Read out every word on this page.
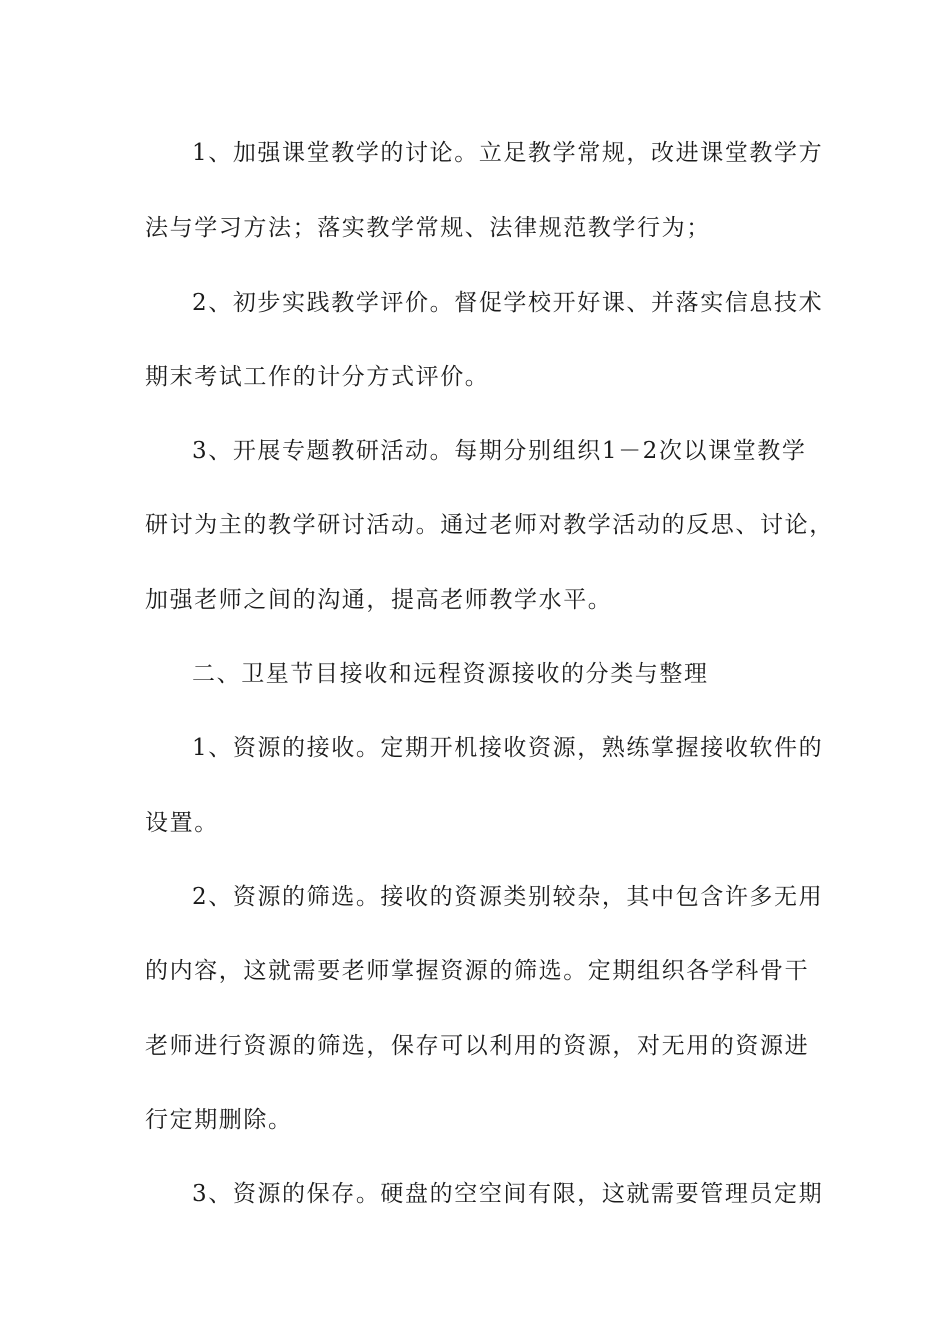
1、加强课堂教学的讨论。立足教学常规，改进课堂教学方
法与学习方法；落实教学常规、法律规范教学行为；
2、初步实践教学评价。督促学校开好课、并落实信息技术
期末考试工作的计分方式评价。
3、开展专题教研活动。每期分别组织1－2次以课堂教学
研讨为主的教学研讨活动。通过老师对教学活动的反思、讨论，
加强老师之间的沟通，提高老师教学水平。
二、卫星节目接收和远程资源接收的分类与整理
1、资源的接收。定期开机接收资源，熟练掌握接收软件的
设置。
2、资源的筛选。接收的资源类别较杂，其中包含许多无用
的内容，这就需要老师掌握资源的筛选。定期组织各学科骨干
老师进行资源的筛选，保存可以利用的资源，对无用的资源进
行定期删除。
3、资源的保存。硬盘的空空间有限，这就需要管理员定期
